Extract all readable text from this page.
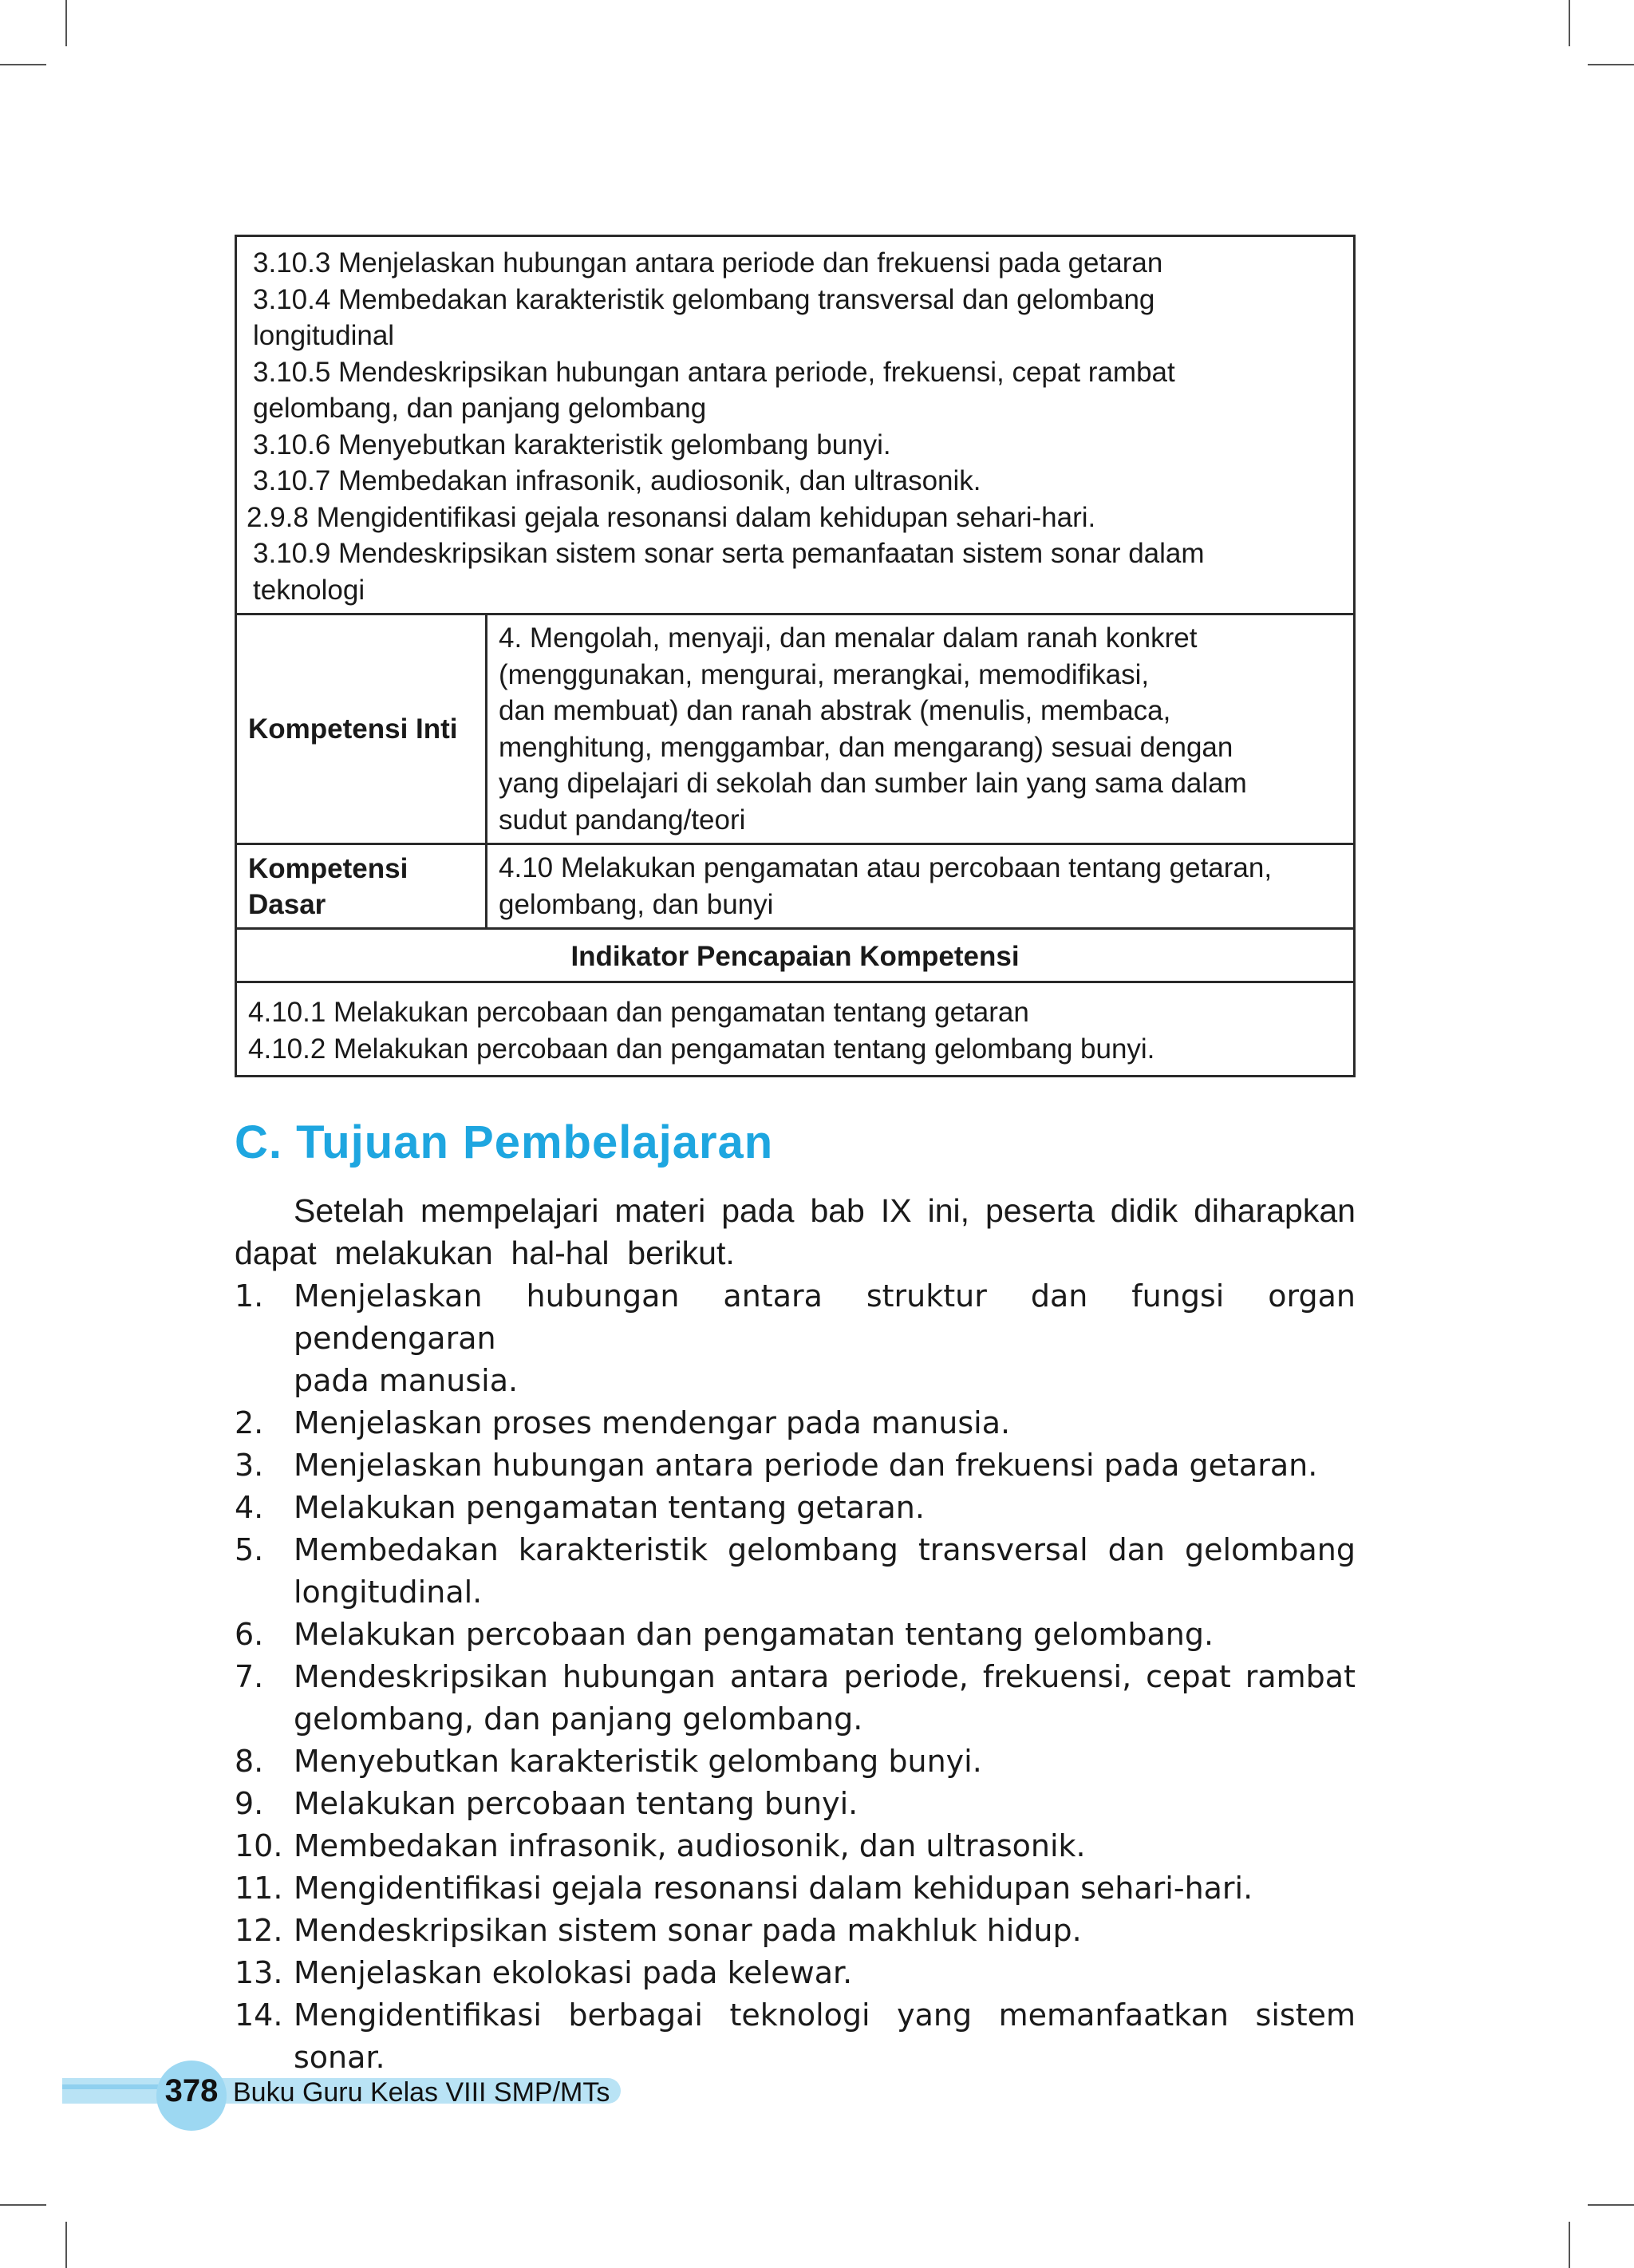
3.10.3 Menjelaskan hubungan antara periode dan frekuensi pada getaran
3.10.4 Membedakan karakteristik gelombang transversal dan gelombang
longitudinal
3.10.5 Mendeskripsikan hubungan antara periode, frekuensi, cepat rambat
gelombang, dan panjang gelombang
3.10.6 Menyebutkan karakteristik gelombang bunyi.
3.10.7 Membedakan infrasonik, audiosonik, dan ultrasonik.
2.9.8 Mengidentifikasi gejala resonansi dalam kehidupan sehari-hari.
3.10.9 Mendeskripsikan sistem sonar serta pemanfaatan sistem sonar dalam
teknologi
Kompetensi Inti
4. Mengolah, menyaji, dan menalar dalam ranah konkret
(menggunakan, mengurai, merangkai, memodifikasi,
dan membuat) dan ranah abstrak (menulis, membaca,
menghitung, menggambar, dan mengarang) sesuai dengan
yang dipelajari di sekolah dan sumber lain yang sama dalam
sudut pandang/teori
Kompetensi
Dasar
4.10 Melakukan pengamatan atau percobaan tentang getaran,
gelombang, dan bunyi
Indikator Pencapaian Kompetensi
4.10.1 Melakukan percobaan dan pengamatan tentang getaran
4.10.2 Melakukan percobaan dan pengamatan tentang gelombang bunyi.
C. Tujuan Pembelajaran
Setelah mempelajari materi pada bab IX ini, peserta didik diharapkan
dapat  melakukan  hal-hal  berikut.
1. Menjelaskan hubungan antara struktur dan fungsi organ pendengaran
pada manusia.
2. Menjelaskan proses mendengar pada manusia.
3. Menjelaskan hubungan antara periode dan frekuensi pada getaran.
4. Melakukan pengamatan tentang getaran.
5. Membedakan karakteristik gelombang transversal dan gelombang
longitudinal.
6. Melakukan percobaan dan pengamatan tentang gelombang.
7. Mendeskripsikan hubungan antara periode, frekuensi, cepat rambat
gelombang, dan panjang gelombang.
8. Menyebutkan karakteristik gelombang bunyi.
9. Melakukan percobaan tentang bunyi.
10. Membedakan infrasonik, audiosonik, dan ultrasonik.
11. Mengidentifikasi gejala resonansi dalam kehidupan sehari-hari.
12. Mendeskripsikan sistem sonar pada makhluk hidup.
13. Menjelaskan ekolokasi pada kelewar.
14. Mengidentifikasi berbagai teknologi yang memanfaatkan sistem sonar.
378 Buku Guru Kelas VIII SMP/MTs
